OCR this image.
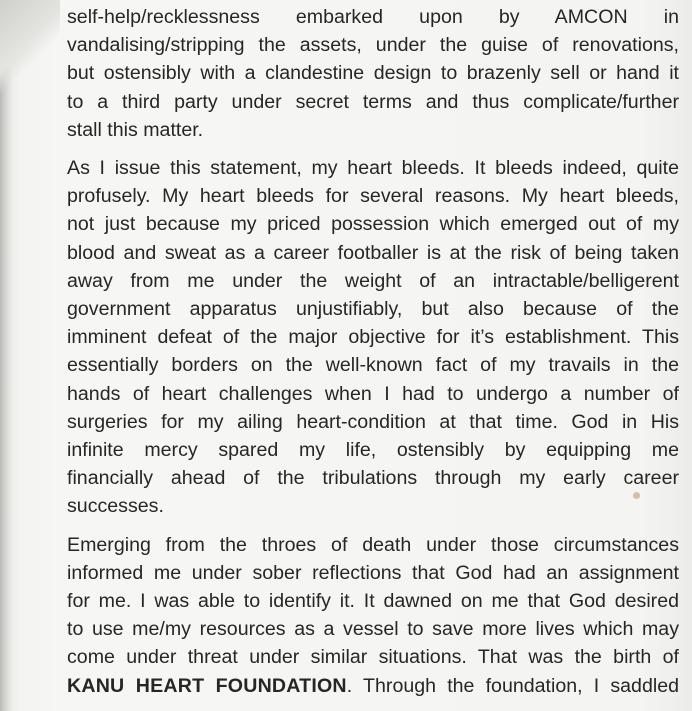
self-help/recklessness embarked upon by AMCON in
vandalising/stripping the assets, under the guise of renovations,
but ostensibly with a clandestine design to brazenly sell or hand it
to a third party under secret terms and thus complicate/further
stall this matter.

As I issue this statement, my heart bleeds. It bleeds indeed, quite
profusely. My heart bleeds for several reasons. My heart bleeds,
not just because my priced possession which emerged out of my
blood and sweat as a career footballer is at the risk of being taken
away from me under the weight of an intractable/belligerent
government apparatus unjustifiably, but also because of the
imminent defeat of the major objective for it’s establishment. This
essentially borders on the well-known fact of my travails in the
hands of heart challenges when I had to undergo a number of
surgeries for my ailing heart-condition at that time. God in His
infinite mercy spared my life, ostensibly by equipping me
financially ahead of the tribulations through my early career
successes.

Emerging from the throes of death under those circumstances
informed me under sober reflections that God had an assignment
for me. I was able to identify it. It dawned on me that God desired
to use me/my resources as a vessel to save more lives which may
come under threat under similar situations. That was the birth of
KANU HEART FOUNDATION. Through the foundation, I saddled
